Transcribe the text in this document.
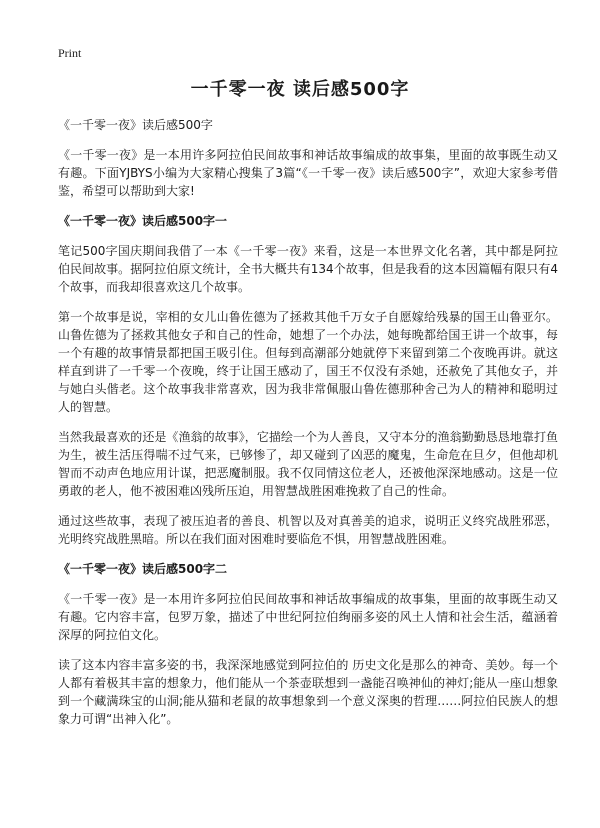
Print
一千零一夜 读后感500字

《一千零一夜》读后感500字

《一千零一夜》是一本用许多阿拉伯民间故事和神话故事编成的故事集，里面的故事既生动又有趣。下面YJBYS小编为大家精心搜集了3篇“《一千零一夜》读后感500字”，欢迎大家参考借鉴，希望可以帮助到大家!

《一千零一夜》读后感500字一

笔记500字国庆期间我借了一本《一千零一夜》来看，这是一本世界文化名著，其中都是阿拉伯民间故事。据阿拉伯原文统计，全书大概共有134个故事，但是我看的这本因篇幅有限只有4个故事，而我却很喜欢这几个故事。

第一个故事是说，宰相的女儿山鲁佐德为了拯救其他千万女子自愿嫁给残暴的国王山鲁亚尔。山鲁佐德为了拯救其他女子和自己的性命，她想了一个办法，她每晚都给国王讲一个故事，每一个有趣的故事情景都把国王吸引住。但每到高潮部分她就停下来留到第二个夜晚再讲。就这样直到讲了一千零一个夜晚，终于让国王感动了，国王不仅没有杀她，还赦免了其他女子，并与她白头偕老。这个故事我非常喜欢，因为我非常佩服山鲁佐德那种舍己为人的精神和聪明过人的智慧。

当然我最喜欢的还是《渔翁的故事》，它描绘一个为人善良，又守本分的渔翁勤勤恳恳地靠打鱼为生，被生活压得喘不过气来，已够惨了，却又碰到了凶恶的魔鬼，生命危在旦夕，但他却机智而不动声色地应用计谋，把恶魔制服。我不仅同情这位老人，还被他深深地感动。这是一位勇敢的老人，他不被困难凶残所压迫，用智慧战胜困难挽救了自己的性命。

通过这些故事，表现了被压迫者的善良、机智以及对真善美的追求，说明正义终究战胜邪恶，光明终究战胜黑暗。所以在我们面对困难时要临危不惧，用智慧战胜困难。

《一千零一夜》读后感500字二

《一千零一夜》是一本用许多阿拉伯民间故事和神话故事编成的故事集，里面的故事既生动又有趣。它内容丰富，包罗万象，描述了中世纪阿拉伯绚丽多姿的风土人情和社会生活，蕴涵着深厚的阿拉伯文化。

读了这本内容丰富多姿的书，我深深地感觉到阿拉伯的 历史文化是那么的神奇、美妙。每一个人都有着极其丰富的想象力，他们能从一个茶壶联想到一盏能召唤神仙的神灯;能从一座山想象到一个藏满珠宝的山洞;能从猫和老鼠的故事想象到一个意义深奥的哲理……阿拉伯民族人的想象力可谓“出神入化”。
